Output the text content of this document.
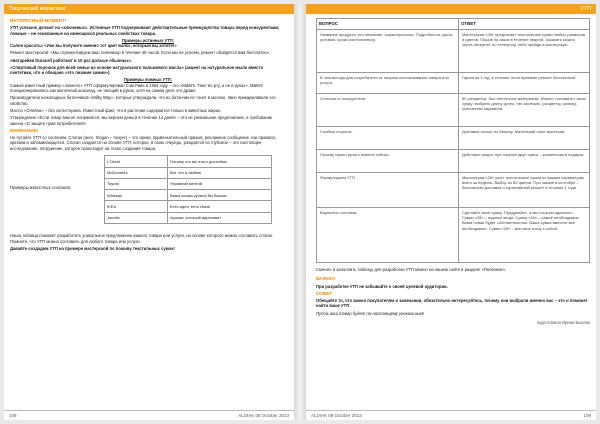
Творческий маркетинг

ИНТЕРЕСНЫЙ МОМЕНТ!

УТП успешно делают на «ключевых». Истинные УТП подчеркивают действительные преимущества товара перед конкурентами, ложные – не основанные на имеющихся реальных свойствах товара.

Примеры истинных УТП:

Салон красоты: «Уже вы получите именно тот цвет волос, который вы хотите!»

Ремонт мастерской: «Мы отремонтируем ваш телевизор в течение 48 часов. Если мы не успеем, ремонт обойдётся вам бесплатно».

«Батарейки Duracell работают в 10 раз дольше обычных».

«Спиртовый порошок для всей семьи на основе натурального пальмового масла» (акцент на натуральное мыло вместо синтетики, что и обещано «это лишние химии»).

Примеры ложных УТП:

Самый известный пример «ложного» УТП сформулирован Сэм Рива в 1954 году – это «M&M's. Тают во рту, а не в руках». M&M's позиционировались как молочный шоколад, не тающий в руках, хотя на самом деле это драже.

Производители шоколадных батончиков «Milky Way», которые утверждали, что их батончик не тонет в молоке, явно прикармливали его свойство.

Масло «Олейна» – без холестерина. Известный факт, что в растении содержится только в животных жирах.

Утверждение «Если товар вам не понравится, мы вернем деньги в течение 14 дней» – это не уникальное предложение, а требование закона «О защите прав потребителей».

ВНИМАНИЕ!

Не путайте УТП со слоганом. Слоган (англ. Slogan – лозунг) – это яркая, привлекательный призыв, рекламное сообщение, как правило, кратким и запоминающееся. Слоган создается на основе УТП, которое, в свою очередь, рождается из глубокое – это настоящее исследование, погружение, которое происходит на этапе создания товара.

Примеры известных слоганов:
L'Oreal	Потому что вы этого достойны
McDonald's	Вот что я люблю
Toyota	Управляй мечтой
Whiskas	Ваша кошка купила бы Вискас
IKEA	Есть идея, есть Икея!
Jacobs	Аромат, который вдохновит

Наша таблица поможет разработать уникальное предложение вашего товара или услуги, на основе которого можно составить слоган. Помните, что УТП можно составить для любого товара или услуги.

Давайте создадим УТП на примере мастерской по пошиву текстильных сумок!

108	ALDIAK 08 October 2013
УТП
ВОПРОС	ОТВЕТ
Название продукта, его описание, характеристика. Подробности (цены, условия, сроки изготовления).	Мастерская «28» предлагает текстильные сумки любых размеров и цветов. Пошив на заказ в течение недели. Заказать можно через интернет, по телефону, либо прийдя в мастерскую.
В чем выгода для потребителя от покупки использования товара или услуги.	Гарантия 1 год, в течение этого времени ремонт бесплатный.
Отличия от конкурентов.	60 расцветок. Эко-ленточных материалы. Можно «оставить» свою сумку: выбрать длину ручек, тип застежек, расцветку, размер, количество карманов.
Слабые стороны.	Доставка только по Минску. Маленький опыт мастеров.
Почему нужно купить именно сейчас.	Действует акция: при покупке двух сумок – косметичка в подарок.
Формулируем УТП.	Мастерская «28» шьет текстильные сумки по вашим параметрам всего за неделю. Выбор из 60 цветов. При заказе в сентябре – бесплатная доставка и гарантийный ремонт в течение 1 года.
Варианты слоганов.	Сделайте свою сумку. Придумайте, а мы сошьем идеально. Сумки «28» – нужные вещи. Сумки «28» – самое необходимое. Ваша новая будет собственностью. Ваша сумка вместит все необходимое. Сумки «28» – все свое ношу с собой.

Скачать и заполнить таблицу для разработки УТП можно на нашем сайте в разделе «Полезное».

ВАЖНО!

При разработке УТП не забывайте о своей целевой аудитории.

СОВЕТ

Обещайте то, что важно покупателям и замечании, обязательно интересуйтесь, почему они выбрали именно вас – это и поможет найти ваше УТП.

Пусть ваш товар будет по-настоящему уникальным!

подготовила Ирина Быкова

ALDIAK 08 October 2013	109
